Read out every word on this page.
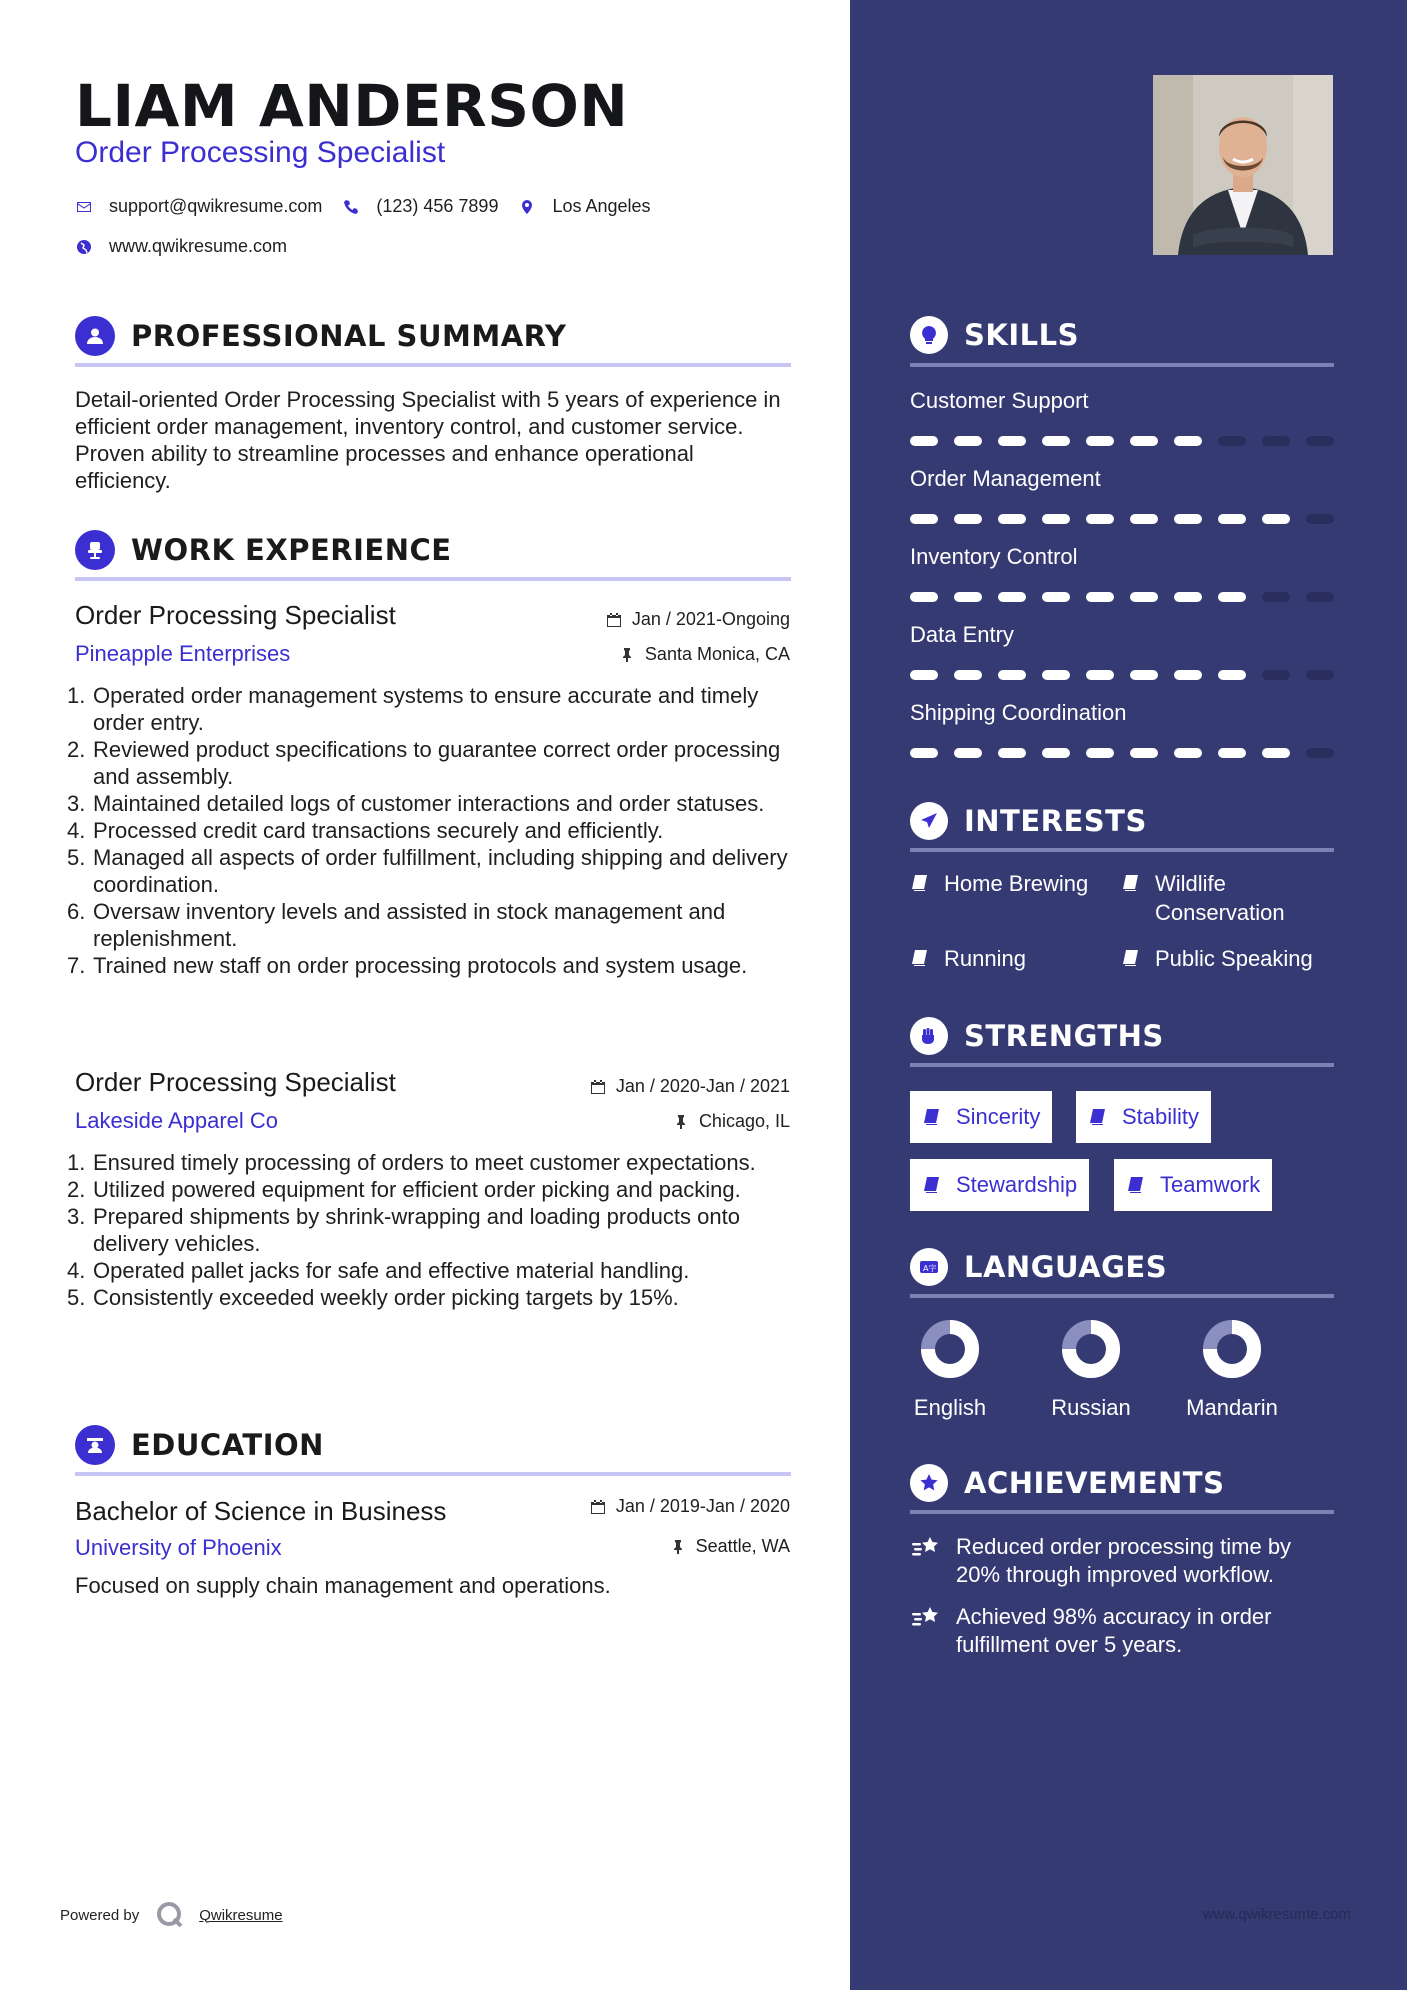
LIAM ANDERSON
Order Processing Specialist
support@qwikresume.com	(123) 456 7899	Los Angeles
www.qwikresume.com
PROFESSIONAL SUMMARY
Detail-oriented Order Processing Specialist with 5 years of experience in efficient order management, inventory control, and customer service. Proven ability to streamline processes and enhance operational efficiency.
WORK EXPERIENCE
Order Processing Specialist	Jan / 2021-Ongoing
Pineapple Enterprises	Santa Monica, CA
Operated order management systems to ensure accurate and timely order entry.
Reviewed product specifications to guarantee correct order processing and assembly.
Maintained detailed logs of customer interactions and order statuses.
Processed credit card transactions securely and efficiently.
Managed all aspects of order fulfillment, including shipping and delivery coordination.
Oversaw inventory levels and assisted in stock management and replenishment.
Trained new staff on order processing protocols and system usage.
Order Processing Specialist	Jan / 2020-Jan / 2021
Lakeside Apparel Co	Chicago, IL
Ensured timely processing of orders to meet customer expectations.
Utilized powered equipment for efficient order picking and packing.
Prepared shipments by shrink-wrapping and loading products onto delivery vehicles.
Operated pallet jacks for safe and effective material handling.
Consistently exceeded weekly order picking targets by 15%.
EDUCATION
Bachelor of Science in Business	Jan / 2019-Jan / 2020
University of Phoenix	Seattle, WA
Focused on supply chain management and operations.
Powered by	Qwikresume
SKILLS
Customer Support
Order Management
Inventory Control
Data Entry
Shipping Coordination
INTERESTS
Home Brewing	Wildlife Conservation
Running	Public Speaking
STRENGTHS
Sincerity	Stability
Stewardship	Teamwork
A字 LANGUAGES
English	Russian	Mandarin
ACHIEVEMENTS
Reduced order processing time by 20% through improved workflow.
Achieved 98% accuracy in order fulfillment over 5 years.
www.qwikresume.com
